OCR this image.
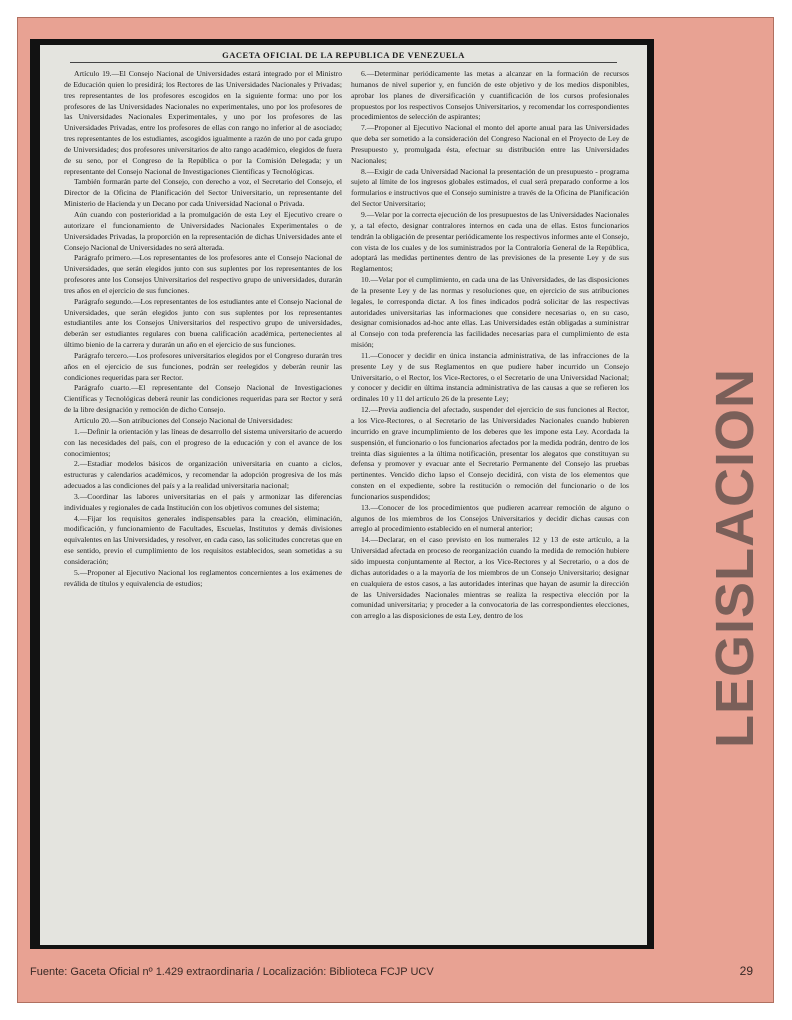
GACETA OFICIAL DE LA REPUBLICA DE VENEZUELA

Artículo 19.—El Consejo Nacional de Universidades estará integrado por el Ministro de Educación quien lo presidirá; los Rectores de las Universidades Nacionales y Privadas; tres representantes de los profesores escogidos en la siguiente forma: uno por los profesores de las Universidades Nacionales no experimentales, uno por los profesores de las Universidades Nacionales Experimentales, y uno por los profesores de las Universidades Privadas, entre los profesores de ellas con rango no inferior al de asociado; tres representantes de los estudiantes, ascogidos igualmente a razón de uno por cada grupo de Universidades; dos profesores universitarios de alto rango académico, elegidos de fuera de su seno, por el Congreso de la República o por la Comisión Delegada; y un representante del Consejo Nacional de Investigaciones Científicas y Tecnológicas.

También formarán parte del Consejo, con derecho a voz, el Secretario del Consejo, el Director de la Oficina de Planificación del Sector Universitario, un representante del Ministerio de Hacienda y un Decano por cada Universidad Nacional o Privada.

Aún cuando con posterioridad a la promulgación de esta Ley el Ejecutivo creare o autorizare el funcionamiento de Universidades Nacionales Experimentales o de Universidades Privadas, la proporción en la representación de dichas Universidades ante el Consejo Nacional de Universidades no será alterada.

Parágrafo primero.—Los representantes de los profesores ante el Consejo Nacional de Universidades, que serán elegidos junto con sus suplentes por los representantes de los profesores ante los Consejos Universitarios del respectivo grupo de universidades, durarán tres años en el ejercicio de sus funciones.

Parágrafo segundo.—Los representantes de los estudiantes ante el Consejo Nacional de Universidades, que serán elegidos junto con sus suplentes por los representantes estudiantiles ante los Consejos Universitarios del respectivo grupo de universidades, deberán ser estudiantes regulares con buena calificación académica, pertenecientes al último bienio de la carrera y durarán un año en el ejercicio de sus funciones.

Parágrafo tercero.—Los profesores universitarios elegidos por el Congreso durarán tres años en el ejercicio de sus funciones, podrán ser reelegidos y deberán reunir las condiciones requeridas para ser Rector.

Parágrafo cuarto.—El representante del Consejo Nacional de Investigaciones Científicas y Tecnológicas deberá reunir las condiciones requeridas para ser Rector y será de la libre designación y remoción de dicho Consejo.

Artículo 20.—Son atribuciones del Consejo Nacional de Universidades:

1.—Definir la orientación y las líneas de desarrollo del sistema universitario de acuerdo con las necesidades del país, con el progreso de la educación y con el avance de los conocimientos;

2.—Estadiar modelos básicos de organización universitaria en cuanto a ciclos, estructuras y calendarios académicos, y recomendar la adopción progresiva de los más adecuados a las condiciones del país y a la realidad universitaria nacional;

3.—Coordinar las labores universitarias en el país y armonizar las diferencias individuales y regionales de cada Institución con los objetivos comunes del sistema;

4.—Fijar los requisitos generales indispensables para la creación, eliminación, modificación, y funcionamiento de Facultades, Escuelas, Institutos y demás divisiones equivalentes en las Universidades, y resolver, en cada caso, las solicitudes concretas que en ese sentido, previo el cumplimiento de los requisitos establecidos, sean sometidas a su consideración;

5.—Proponer al Ejecutivo Nacional los reglamentos concernientes a los exámenes de reválida de títulos y equivalencia de estudios;

6.—Determinar periódicamente las metas a alcanzar en la formación de recursos humanos de nivel superior y, en función de este objetivo y de los medios disponibles, aprobar los planes de diversificación y cuantificación de los cursos profesionales propuestos por los respectivos Consejos Universitarios, y recomendar los correspondientes procedimientos de selección de aspirantes;

7.—Proponer al Ejecutivo Nacional el monto del aporte anual para las Universidades que deba ser sometido a la consideración del Congreso Nacional en el Proyecto de Ley de Presupuesto y, promulgada ésta, efectuar su distribución entre las Universidades Nacionales;

8.—Exigir de cada Universidad Nacional la presentación de un presupuesto - programa sujeto al límite de los ingresos globales estimados, el cual será preparado conforme a los formularios e instructivos que el Consejo suministre a través de la Oficina de Planificación del Sector Universitario;

9.—Velar por la correcta ejecución de los presupuestos de las Universidades Nacionales y, a tal efecto, designar contralores internos en cada una de ellas. Estos funcionarios tendrán la obligación de presentar periódicamente los respectivos informes ante el Consejo, con vista de los cuales y de los suministrados por la Contraloría General de la República, adoptará las medidas pertinentes dentro de las previsiones de la presente Ley y de sus Reglamentos;

10.—Velar por el cumplimiento, en cada una de las Universidades, de las disposiciones de la presente Ley y de las normas y resoluciones que, en ejercicio de sus atribuciones legales, le corresponda dictar. A los fines indicados podrá solicitar de las respectivas autoridades universitarias las informaciones que considere necesarias o, en su caso, designar comisionados ad-hoc ante ellas. Las Universidades están obligadas a suministrar al Consejo con toda preferencia las facilidades necesarias para el cumplimiento de esta misión;

11.—Conocer y decidir en única instancia administrativa, de las infracciones de la presente Ley y de sus Reglamentos en que pudiere haber incurrido un Consejo Universitario, o el Rector, los Vice-Rectores, o el Secretario de una Universidad Nacional; y conocer y decidir en última instancia administrativa de las causas a que se refieren los ordinales 10 y 11 del artículo 26 de la presente Ley;

12.—Previa audiencia del afectado, suspender del ejercicio de sus funciones al Rector, a los Vice-Rectores, o al Secretario de las Universidades Nacionales cuando hubieren incurrido en grave incumplimiento de los deberes que les impone esta Ley. Acordada la suspensión, el funcionario o los funcionarios afectados por la medida podrán, dentro de los treinta días siguientes a la última notificación, presentar los alegatos que constituyan su defensa y promover y evacuar ante el Secretario Permanente del Consejo las pruebas pertinentes. Vencido dicho lapso el Consejo decidirá, con vista de los elementos que consten en el expediente, sobre la restitución o remoción del funcionario o de los funcionarios suspendidos;

13.—Conocer de los procedimientos que pudieren acarrear remoción de alguno o algunos de los miembros de los Consejos Universitarios y decidir dichas causas con arreglo al procedimiento establecido en el numeral anterior;

14.—Declarar, en el caso previsto en los numerales 12 y 13 de este artículo, a la Universidad afectada en proceso de reorganización cuando la medida de remoción hubiere sido impuesta conjuntamente al Rector, a los Vice-Rectores y al Secretario, o a dos de dichas autoridades o a la mayoría de los miembros de un Consejo Universitario; designar en cualquiera de estos casos, a las autoridades interinas que hayan de asumir la dirección de las Universidades Nacionales mientras se realiza la respectiva elección por la comunidad universitaria; y proceder a la convocatoria de las correspondientes elecciones, con arreglo a las disposiciones de esta Ley, dentro de los	LEGISLACION
Fuente: Gaceta Oficial nº 1.429 extraordinaria / Localización: Biblioteca FCJP UCV	29
